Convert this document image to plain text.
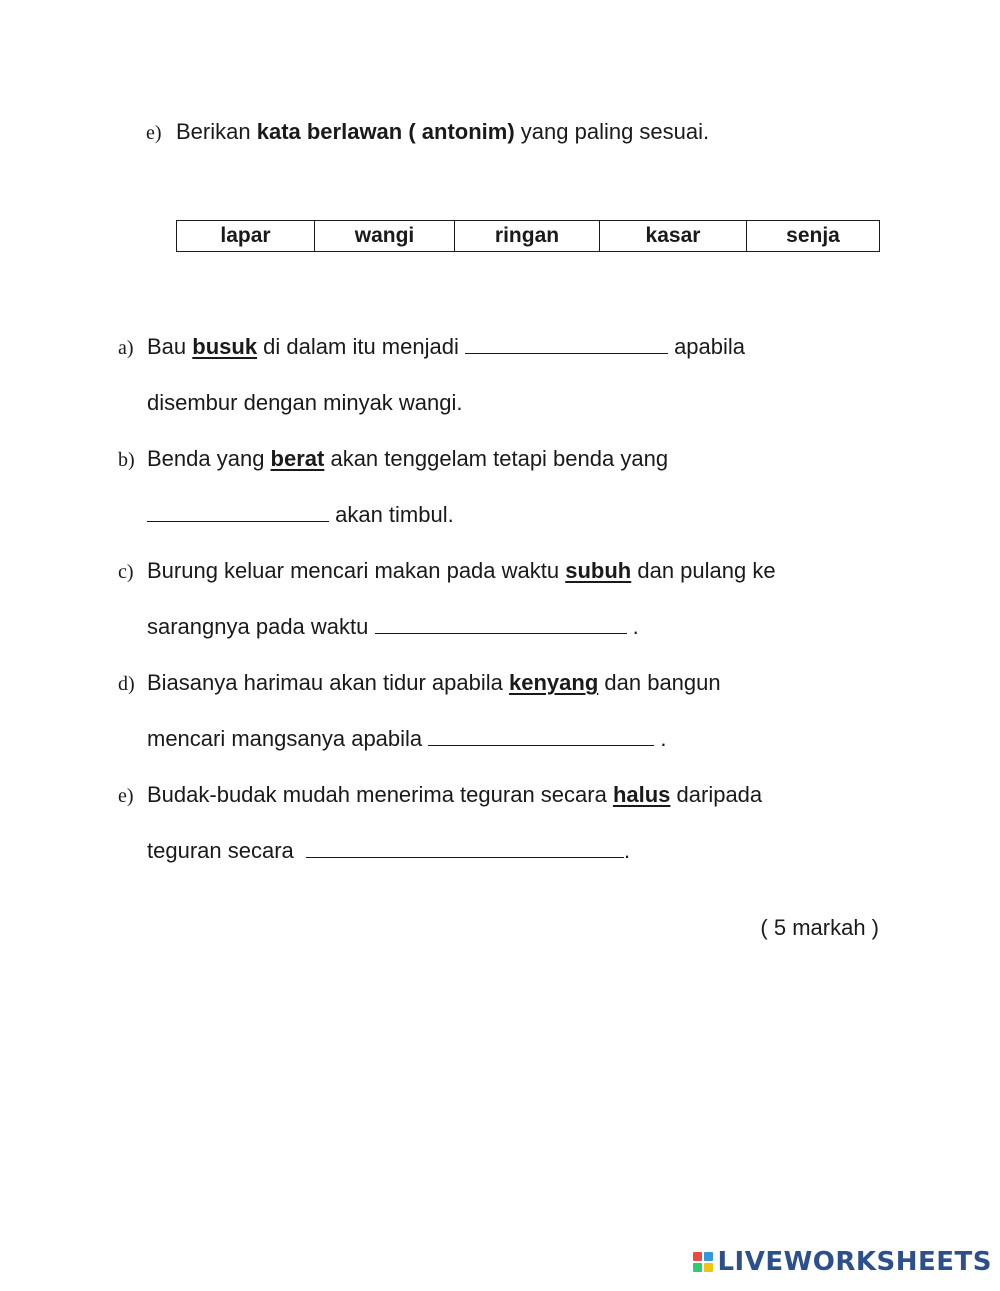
e) Berikan kata berlawan ( antonim) yang paling sesuai.
lapar	wangi	ringan	kasar	senja
a) Bau busuk di dalam itu menjadi	apabila
disembur dengan minyak wangi.
b) Benda yang berat akan tenggelam tetapi benda yang
akan timbul.
c) Burung keluar mencari makan pada waktu subuh dan pulang ke
sarangnya pada waktu	.
d) Biasanya harimau akan tidur apabila kenyang dan bangun
mencari mangsanya apabila	.
e) Budak-budak mudah menerima teguran secara halus daripada
teguran secara	.
( 5 markah )
LIVEWORKSHEETS
